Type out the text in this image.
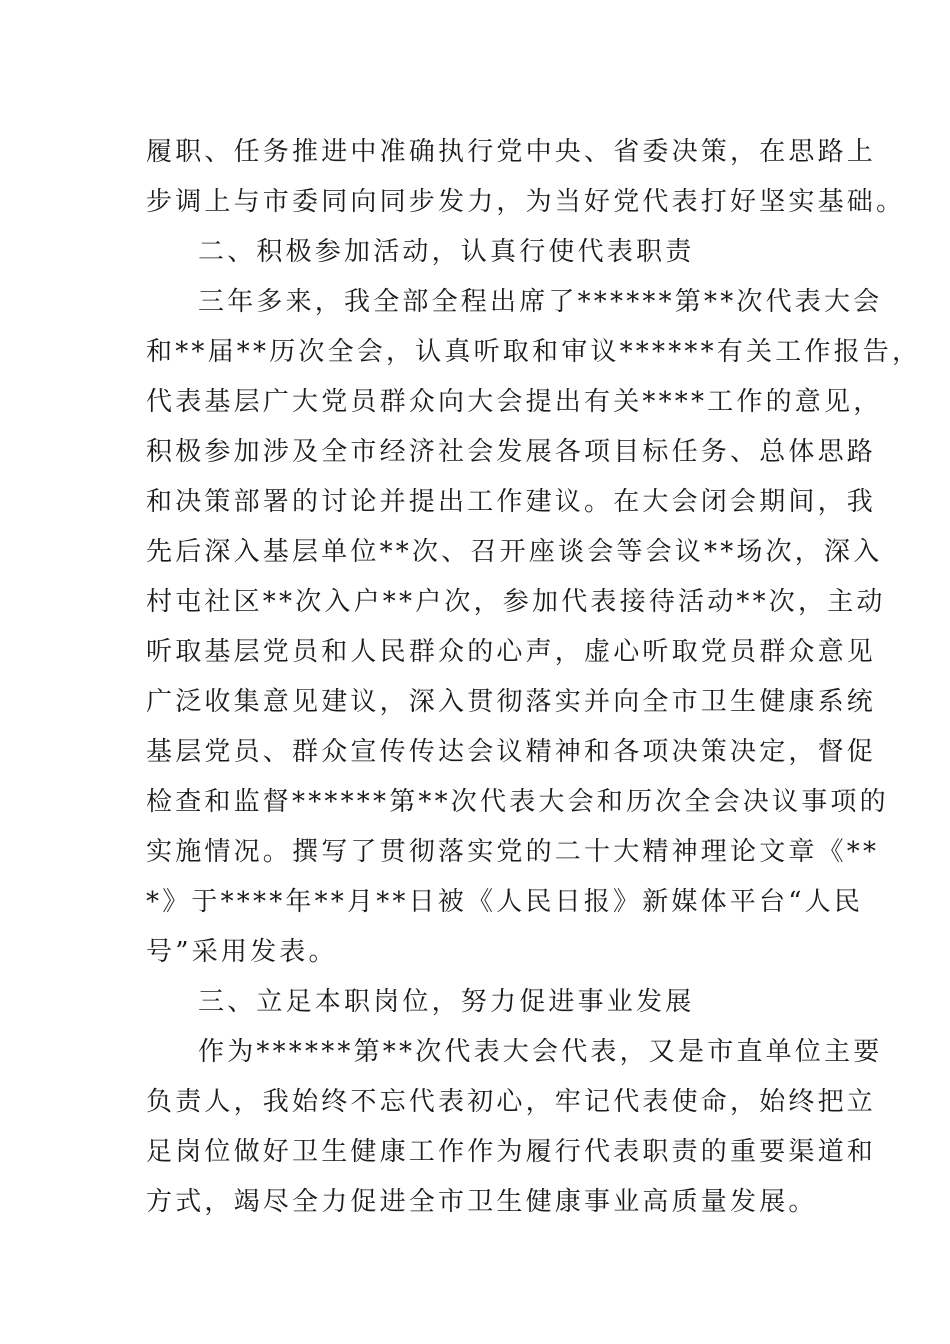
履职、任务推进中准确执行党中央、省委决策，在思路上
步调上与市委同向同步发力，为当好党代表打好坚实基础。
二、积极参加活动，认真行使代表职责
三年多来，我全部全程出席了******第**次代表大会
和**届**历次全会，认真听取和审议******有关工作报告，
代表基层广大党员群众向大会提出有关****工作的意见，
积极参加涉及全市经济社会发展各项目标任务、总体思路
和决策部署的讨论并提出工作建议。在大会闭会期间，我
先后深入基层单位**次、召开座谈会等会议**场次，深入
村屯社区**次入户**户次，参加代表接待活动**次，主动
听取基层党员和人民群众的心声，虚心听取党员群众意见
广泛收集意见建议，深入贯彻落实并向全市卫生健康系统
基层党员、群众宣传传达会议精神和各项决策决定，督促
检查和监督******第**次代表大会和历次全会决议事项的
实施情况。撰写了贯彻落实党的二十大精神理论文章《**
*》于****年**月**日被《人民日报》新媒体平台“人民
号”采用发表。
三、立足本职岗位，努力促进事业发展
作为******第**次代表大会代表，又是市直单位主要
负责人，我始终不忘代表初心，牢记代表使命，始终把立
足岗位做好卫生健康工作作为履行代表职责的重要渠道和
方式，竭尽全力促进全市卫生健康事业高质量发展。
